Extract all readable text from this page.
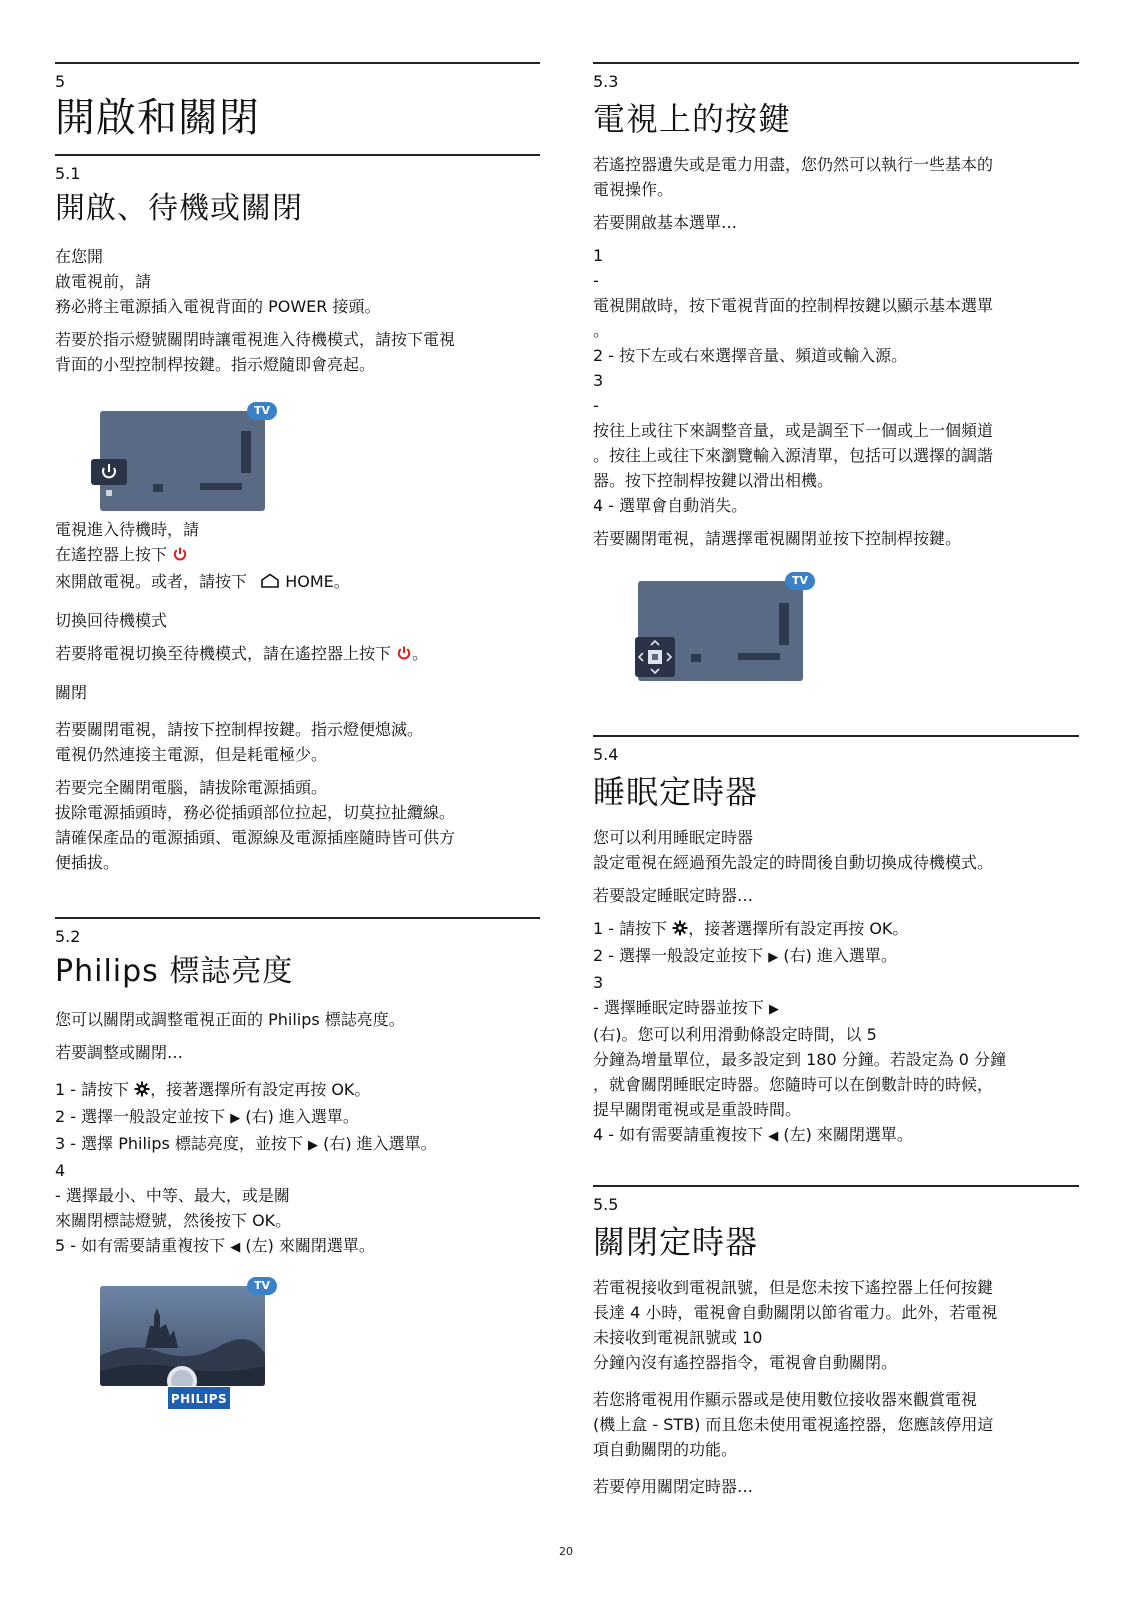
5
開啟和關閉
5.1
開啟、待機或關閉
在您開
啟電視前，請
務必將主電源插入電視背面的 POWER 接頭。
若要於指示燈號關閉時讓電視進入待機模式，請按下電視
背面的小型控制桿按鍵。指示燈隨即會亮起。
TV
電視進入待機時，請
在遙控器上按下
來開啟電視。或者，請按下 HOME。
切換回待機模式
若要將電視切換至待機模式，請在遙控器上按下 。
關閉
若要關閉電視，請按下控制桿按鍵。指示燈便熄滅。
電視仍然連接主電源，但是耗電極少。
若要完全關閉電腦，請拔除電源插頭。
拔除電源插頭時，務必從插頭部位拉起，切莫拉扯纜線。
請確保產品的電源插頭、電源線及電源插座隨時皆可供方
便插拔。
5.2
Philips 標誌亮度
您可以關閉或調整電視正面的 Philips 標誌亮度。
若要調整或關閉…
1 - 請按下 ，接著選擇所有設定再按 OK。
2 - 選擇一般設定並按下 ▶ (右) 進入選單。
3 - 選擇 Philips 標誌亮度，並按下 ▶ (右) 進入選單。
4
- 選擇最小、中等、最大，或是關
來關閉標誌燈號，然後按下 OK。
5 - 如有需要請重複按下 ◀ (左) 來關閉選單。
TV
PHILIPS
5.3
電視上的按鍵
若遙控器遺失或是電力用盡，您仍然可以執行一些基本的
電視操作。
若要開啟基本選單…
1
-
電視開啟時，按下電視背面的控制桿按鍵以顯示基本選單
。
2 - 按下左或右來選擇音量、頻道或輸入源。
3
-
按往上或往下來調整音量，或是調至下一個或上一個頻道
。按往上或往下來瀏覽輸入源清單，包括可以選擇的調諧
器。按下控制桿按鍵以滑出相機。
4 - 選單會自動消失。
若要關閉電視，請選擇電視關閉並按下控制桿按鍵。
TV
5.4
睡眠定時器
您可以利用睡眠定時器
設定電視在經過預先設定的時間後自動切換成待機模式。
若要設定睡眠定時器…
1 - 請按下 ，接著選擇所有設定再按 OK。
2 - 選擇一般設定並按下 ▶ (右) 進入選單。
3
- 選擇睡眠定時器並按下 ▶
(右)。您可以利用滑動條設定時間，以 5
分鐘為增量單位，最多設定到 180 分鐘。若設定為 0 分鐘
，就會關閉睡眠定時器。您隨時可以在倒數計時的時候，
提早關閉電視或是重設時間。
4 - 如有需要請重複按下 ◀ (左) 來關閉選單。
5.5
關閉定時器
若電視接收到電視訊號，但是您未按下遙控器上任何按鍵
長達 4 小時，電視會自動關閉以節省電力。此外，若電視
未接收到電視訊號或 10
分鐘內沒有遙控器指令，電視會自動關閉。
若您將電視用作顯示器或是使用數位接收器來觀賞電視
(機上盒 - STB) 而且您未使用電視遙控器，您應該停用這
項自動關閉的功能。
若要停用關閉定時器…
20
